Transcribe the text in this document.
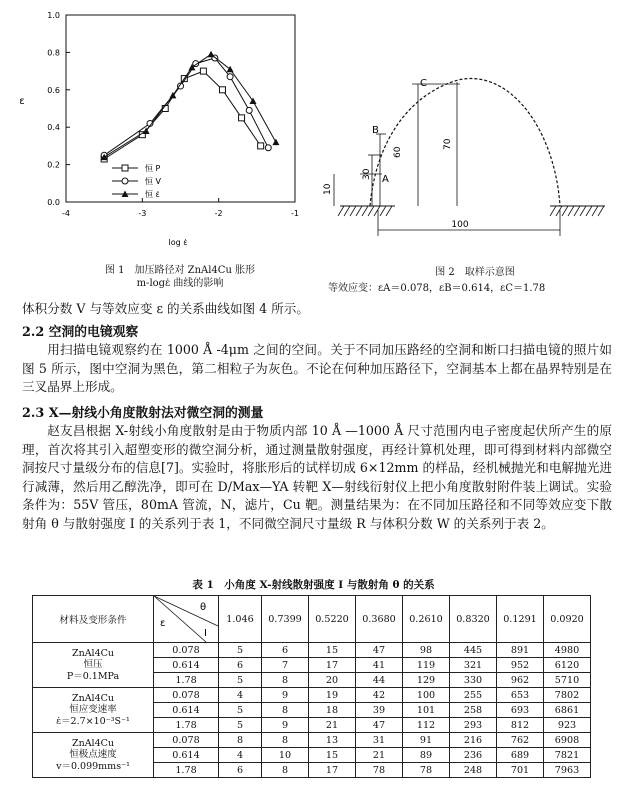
-4	-3	-2	-1
0.0
0.2
0.4
0.6
0.8
1.0
恒 P
恒 V
恒 ε̇
ε
log ε̇
图 1　加压路径对 ZnAl4Cu 胀形
m-logε̇ 曲线的影响
C
B
A
10
30
60
70
100
图 2　取样示意图
等效应变：εA＝0.078，εB＝0.614，εC＝1.78
体积分数 V 与等效应变 ε 的关系曲线如图 4 所示。
2.2 空洞的电镜观察
用扫描电镜观察约在 1000 Å -4μm 之间的空间。关于不同加压路经的空洞和断口扫描电镜的照片如图 5 所示，图中空洞为黑色，第二相粒子为灰色。不论在何种加压路径下，空洞基本上都在晶界特别是在三叉晶界上形成。
2.3 X—射线小角度散射法对微空洞的测量
赵友昌根据 X-射线小角度散射是由于物质内部 10 Å —1000 Å 尺寸范围内电子密度起伏所产生的原理，首次将其引入超塑变形的微空洞分析，通过测量散射强度，再经计算机处理，即可得到材料内部微空洞按尺寸量级分布的信息[7]。实验时，将胀形后的试样切成 6×12mm 的样品，经机械抛光和电解抛光进行减薄，然后用乙醇洗净，即可在 D/Max—YA 转靶 X—射线衍射仪上把小角度散射附件装上调试。实验条件为：55V 管压，80mA 管流，N，滤片，Cu 靶。测量结果为：在不同加压路径和不同等效应变下散射角 θ 与散射强度 I 的关系列于表 1，不同微空洞尺寸量级 R 与体积分数 W 的关系列于表 2。
表 1　小角度 X-射线散射强度 I 与散射角 θ 的关系
材料及变形条件	θ
ε
I	1.046	0.7399	0.5220	0.3680	0.2610	0.8320	0.1291	0.0920

ZnAl4Cu
恒压
P＝0.1MPa	0.078	5	6	15	47	98	445	891	4980
	0.614	6	7	17	41	119	321	952	6120
	1.78	5	8	20	44	129	330	962	5710

ZnAl4Cu
恒应变速率
ε̇＝2.7×10⁻³S⁻¹	0.078	4	9	19	42	100	255	653	7802
	0.614	5	8	18	39	101	258	693	6861
	1.78	5	9	21	47	112	293	812	923

ZnAl4Cu
恒极点速度
v＝0.099mms⁻¹	0.078	8	8	13	31	91	216	762	6908
	0.614	4	10	15	21	89	236	689	7821
	1.78	6	8	17	78	78	248	701	7963
